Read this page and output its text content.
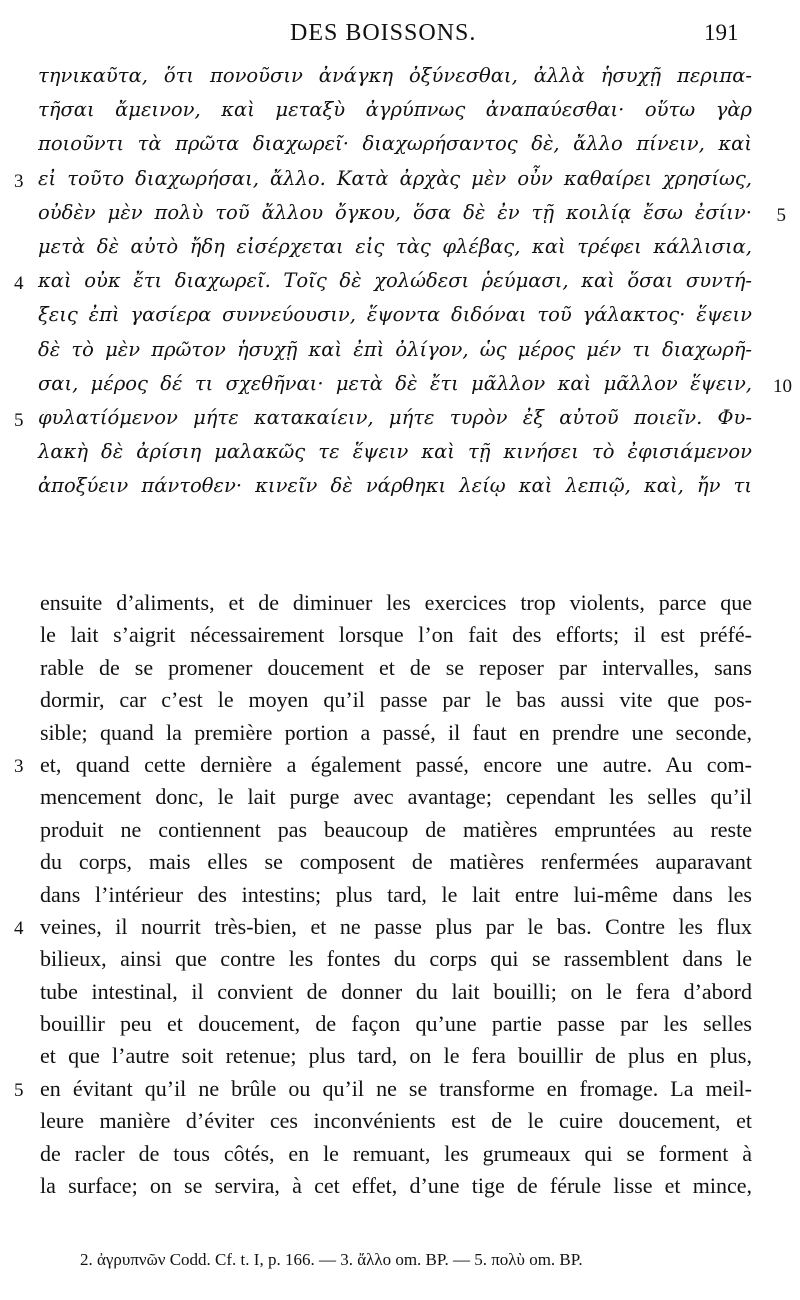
DES BOISSONS.	191
τηνικαῦτα, ὅτι πονοῦσιν ἀνάγκη ὀξύνεσθαι, ἀλλὰ ἡσυχῇ περιπα-
τῆσαι ἄμεινον, καὶ μεταξὺ ἀγρύπνως ἀναπαύεσθαι· οὕτω γὰρ
ποιοῦντι τὰ πρῶτα διαχωρεῖ· διαχωρήσαντος δὲ, ἄλλο πίνειν, καὶ
3 εἰ τοῦτο διαχωρήσαι, ἄλλο. Κατὰ ἀρχὰς μὲν οὖν καθαίρει χρησίως,
οὐδὲν μὲν πολὺ τοῦ ἄλλου ὄγκου, ὅσα δὲ ἐν τῇ κοιλίᾳ ἔσω ἐσίιν· 5
μετὰ δὲ αὐτὸ ἤδη εἰσέρχεται εἰς τὰς φλέβας, καὶ τρέφει κάλλισια,
4 καὶ οὐκ ἔτι διαχωρεῖ. Τοῖς δὲ χολώδεσι ῥεύμασι, καὶ ὅσαι συντή-
ξεις ἐπὶ γασίερα συννεύουσιν, ἕψοντα διδόναι τοῦ γάλακτος· ἕψειν
δὲ τὸ μὲν πρῶτον ἡσυχῇ καὶ ἐπὶ ὀλίγον, ὡς μέρος μέν τι διαχωρῆ-
σαι, μέρος δέ τι σχεθῆναι· μετὰ δὲ ἔτι μᾶλλον καὶ μᾶλλον ἕψειν, 10
5 φυλατίόμενον μήτε κατακαίειν, μήτε τυρὸν ἐξ αὐτοῦ ποιεῖν. Φυ-
λακὴ δὲ ἀρίσιη μαλακῶς τε ἕψειν καὶ τῇ κινήσει τὸ ἐφισιάμενον
ἀποξύειν πάντοθεν· κινεῖν δὲ νάρθηκι λείῳ καὶ λεπιῷ, καὶ, ἤν τι
ensuite d’aliments, et de diminuer les exercices trop violents, parce que
le lait s’aigrit nécessairement lorsque l’on fait des efforts; il est préfé-
rable de se promener doucement et de se reposer par intervalles, sans
dormir, car c’est le moyen qu’il passe par le bas aussi vite que pos-
sible; quand la première portion a passé, il faut en prendre une seconde,
3 et, quand cette dernière a également passé, encore une autre. Au com-
mencement donc, le lait purge avec avantage; cependant les selles qu’il
produit ne contiennent pas beaucoup de matières empruntées au reste
du corps, mais elles se composent de matières renfermées auparavant
dans l’intérieur des intestins; plus tard, le lait entre lui-même dans les
4 veines, il nourrit très-bien, et ne passe plus par le bas. Contre les flux
bilieux, ainsi que contre les fontes du corps qui se rassemblent dans le
tube intestinal, il convient de donner du lait bouilli; on le fera d’abord
bouillir peu et doucement, de façon qu’une partie passe par les selles
et que l’autre soit retenue; plus tard, on le fera bouillir de plus en plus,
5 en évitant qu’il ne brûle ou qu’il ne se transforme en fromage. La meil-
leure manière d’éviter ces inconvénients est de le cuire doucement, et
de racler de tous côtés, en le remuant, les grumeaux qui se forment à
la surface; on se servira, à cet effet, d’une tige de férule lisse et mince,
2. ἀγρυπνῶν Codd. Cf. t. I, p. 166. — 3. ἄλλο om. BP. — 5. πολὺ om. BP.
